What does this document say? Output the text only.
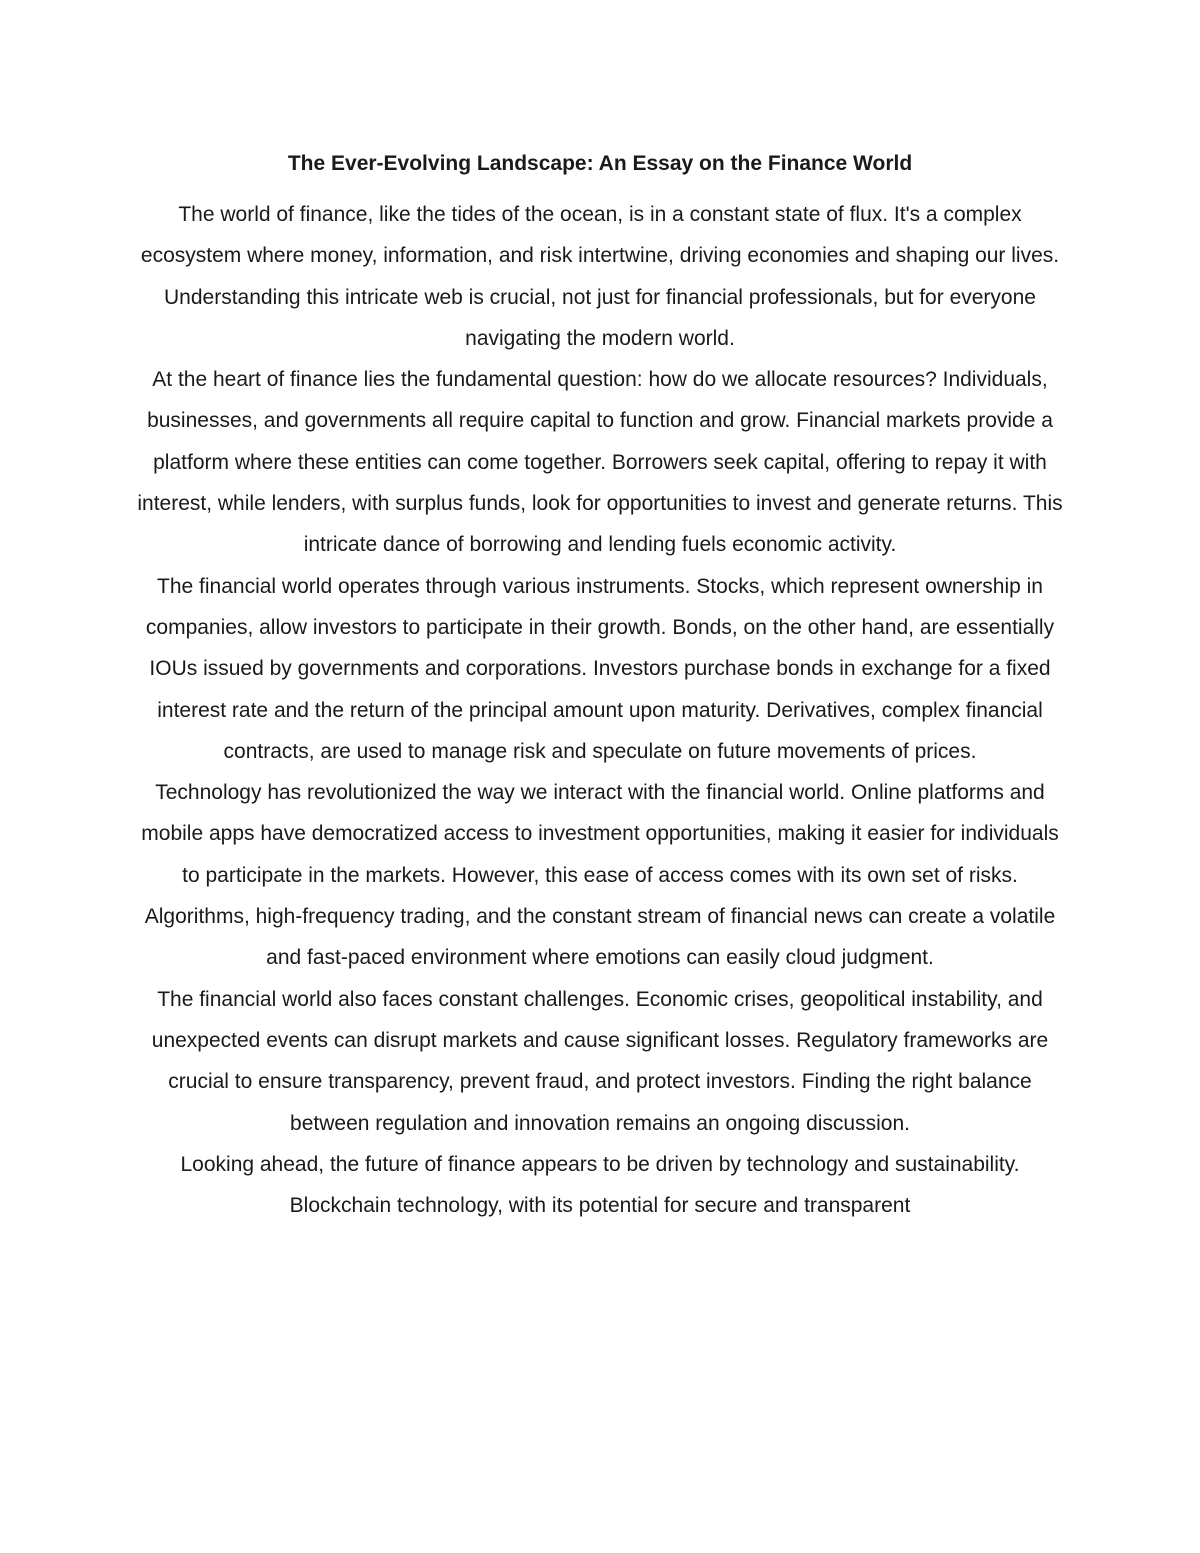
The Ever-Evolving Landscape: An Essay on the Finance World

The world of finance, like the tides of the ocean, is in a constant state of flux. It's a complex ecosystem where money, information, and risk intertwine, driving economies and shaping our lives. Understanding this intricate web is crucial, not just for financial professionals, but for everyone navigating the modern world.

At the heart of finance lies the fundamental question: how do we allocate resources? Individuals, businesses, and governments all require capital to function and grow. Financial markets provide a platform where these entities can come together. Borrowers seek capital, offering to repay it with interest, while lenders, with surplus funds, look for opportunities to invest and generate returns. This intricate dance of borrowing and lending fuels economic activity.

The financial world operates through various instruments. Stocks, which represent ownership in companies, allow investors to participate in their growth. Bonds, on the other hand, are essentially IOUs issued by governments and corporations. Investors purchase bonds in exchange for a fixed interest rate and the return of the principal amount upon maturity. Derivatives, complex financial contracts, are used to manage risk and speculate on future movements of prices.

Technology has revolutionized the way we interact with the financial world. Online platforms and mobile apps have democratized access to investment opportunities, making it easier for individuals to participate in the markets. However, this ease of access comes with its own set of risks. Algorithms, high-frequency trading, and the constant stream of financial news can create a volatile and fast-paced environment where emotions can easily cloud judgment.

The financial world also faces constant challenges. Economic crises, geopolitical instability, and unexpected events can disrupt markets and cause significant losses. Regulatory frameworks are crucial to ensure transparency, prevent fraud, and protect investors. Finding the right balance between regulation and innovation remains an ongoing discussion.

Looking ahead, the future of finance appears to be driven by technology and sustainability. Blockchain technology, with its potential for secure and transparent
